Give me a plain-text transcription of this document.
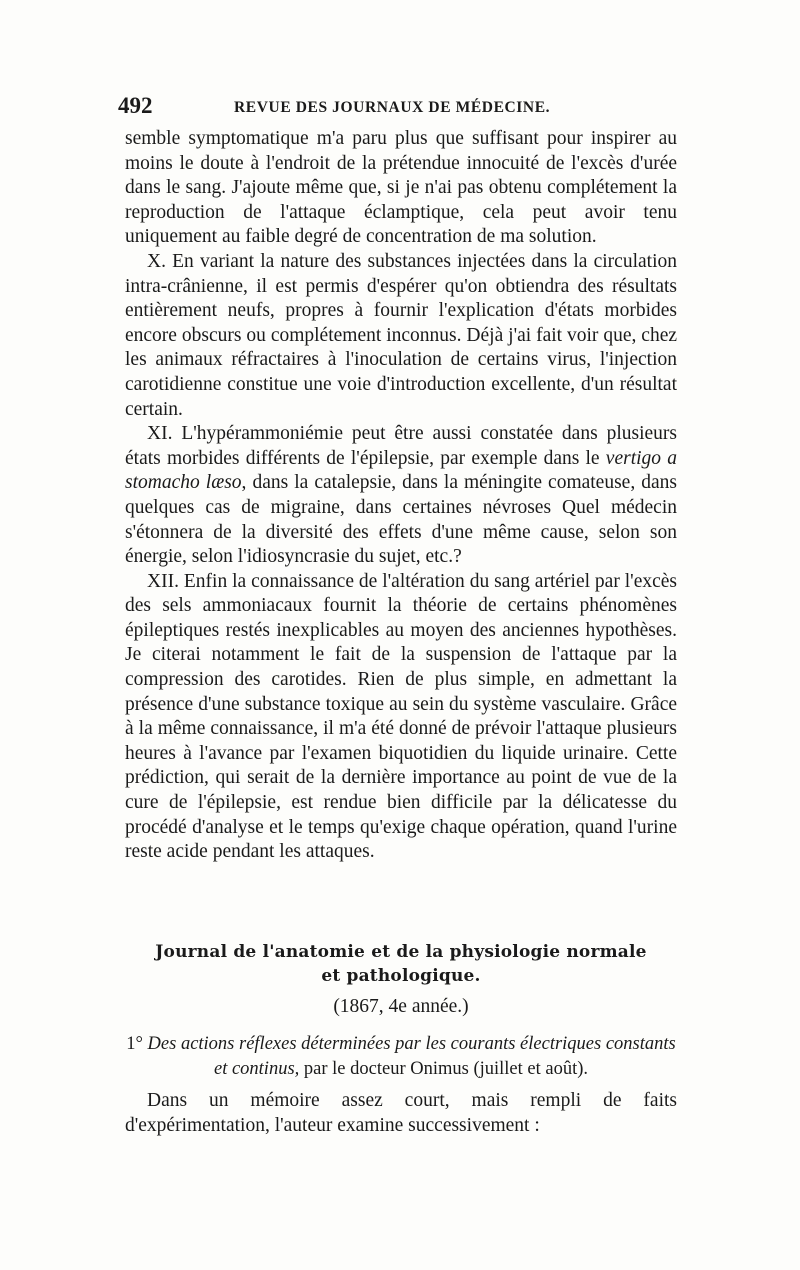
492	REVUE DES JOURNAUX DE MÉDECINE.

semble symptomatique m'a paru plus que suffisant pour inspirer au moins le doute à l'endroit de la prétendue innocuité de l'excès d'urée dans le sang. J'ajoute même que, si je n'ai pas obtenu complétement la reproduction de l'attaque éclamptique, cela peut avoir tenu uniquement au faible degré de concentration de ma solution.

X. En variant la nature des substances injectées dans la circulation intra-crânienne, il est permis d'espérer qu'on obtiendra des résultats entièrement neufs, propres à fournir l'explication d'états morbides encore obscurs ou complétement inconnus. Déjà j'ai fait voir que, chez les animaux réfractaires à l'inoculation de certains virus, l'injection carotidienne constitue une voie d'introduction excellente, d'un résultat certain.

XI. L'hypérammoniémie peut être aussi constatée dans plusieurs états morbides différents de l'épilepsie, par exemple dans le vertigo a stomacho læso, dans la catalepsie, dans la méningite comateuse, dans quelques cas de migraine, dans certaines névroses Quel médecin s'étonnera de la diversité des effets d'une même cause, selon son énergie, selon l'idiosyncrasie du sujet, etc.?

XII. Enfin la connaissance de l'altération du sang artériel par l'excès des sels ammoniacaux fournit la théorie de certains phénomènes épileptiques restés inexplicables au moyen des anciennes hypothèses. Je citerai notamment le fait de la suspension de l'attaque par la compression des carotides. Rien de plus simple, en admettant la présence d'une substance toxique au sein du système vasculaire. Grâce à la même connaissance, il m'a été donné de prévoir l'attaque plusieurs heures à l'avance par l'examen biquotidien du liquide urinaire. Cette prédiction, qui serait de la dernière importance au point de vue de la cure de l'épilepsie, est rendue bien difficile par la délicatesse du procédé d'analyse et le temps qu'exige chaque opération, quand l'urine reste acide pendant les attaques.

Journal de l'anatomie et de la physiologie normale
et pathologique.
(1867, 4e année.)
1° Des actions réflexes déterminées par les courants électriques constants et continus, par le docteur Onimus (juillet et août).

Dans un mémoire assez court, mais rempli de faits d'expérimentation, l'auteur examine successivement :
